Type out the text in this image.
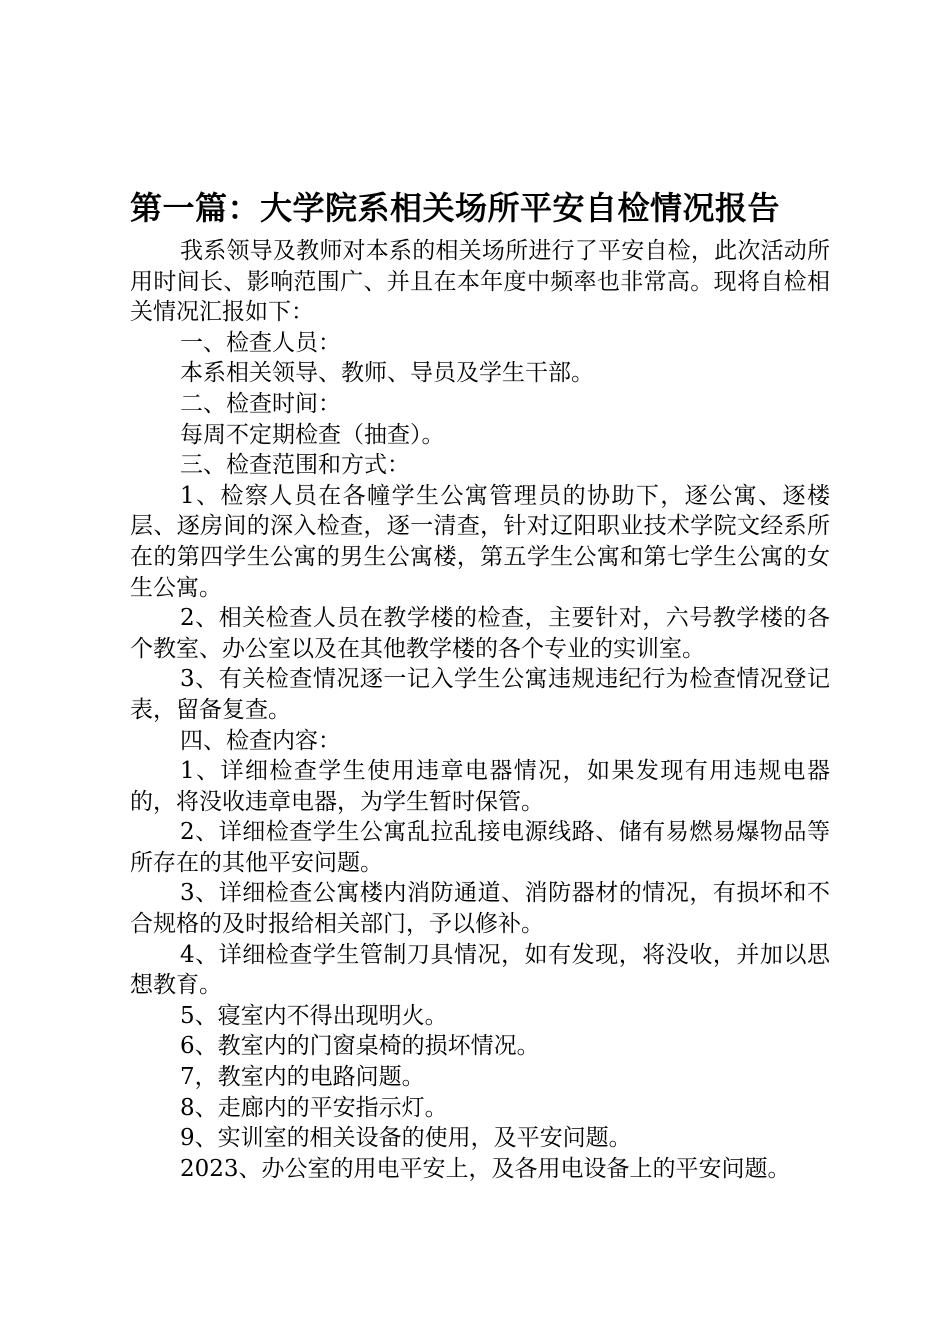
第一篇：大学院系相关场所平安自检情况报告

我系领导及教师对本系的相关场所进行了平安自检，此次活动所用时间长、影响范围广、并且在本年度中频率也非常高。现将自检相关情况汇报如下：

一、检查人员：

本系相关领导、教师、导员及学生干部。

二、检查时间：

每周不定期检查（抽查）。

三、检查范围和方式：

1、检察人员在各幢学生公寓管理员的协助下，逐公寓、逐楼层、逐房间的深入检查，逐一清查，针对辽阳职业技术学院文经系所在的第四学生公寓的男生公寓楼，第五学生公寓和第七学生公寓的女生公寓。

2、相关检查人员在教学楼的检查，主要针对，六号教学楼的各个教室、办公室以及在其他教学楼的各个专业的实训室。

3、有关检查情况逐一记入学生公寓违规违纪行为检查情况登记表，留备复查。

四、检查内容：

1、详细检查学生使用违章电器情况，如果发现有用违规电器的，将没收违章电器，为学生暂时保管。

2、详细检查学生公寓乱拉乱接电源线路、储有易燃易爆物品等所存在的其他平安问题。

3、详细检查公寓楼内消防通道、消防器材的情况，有损坏和不合规格的及时报给相关部门，予以修补。

4、详细检查学生管制刀具情况，如有发现，将没收，并加以思想教育。

5、寝室内不得出现明火。

6、教室内的门窗桌椅的损坏情况。

7，教室内的电路问题。

8、走廊内的平安指示灯。

9、实训室的相关设备的使用，及平安问题。

2023、办公室的用电平安上，及各用电设备上的平安问题。
